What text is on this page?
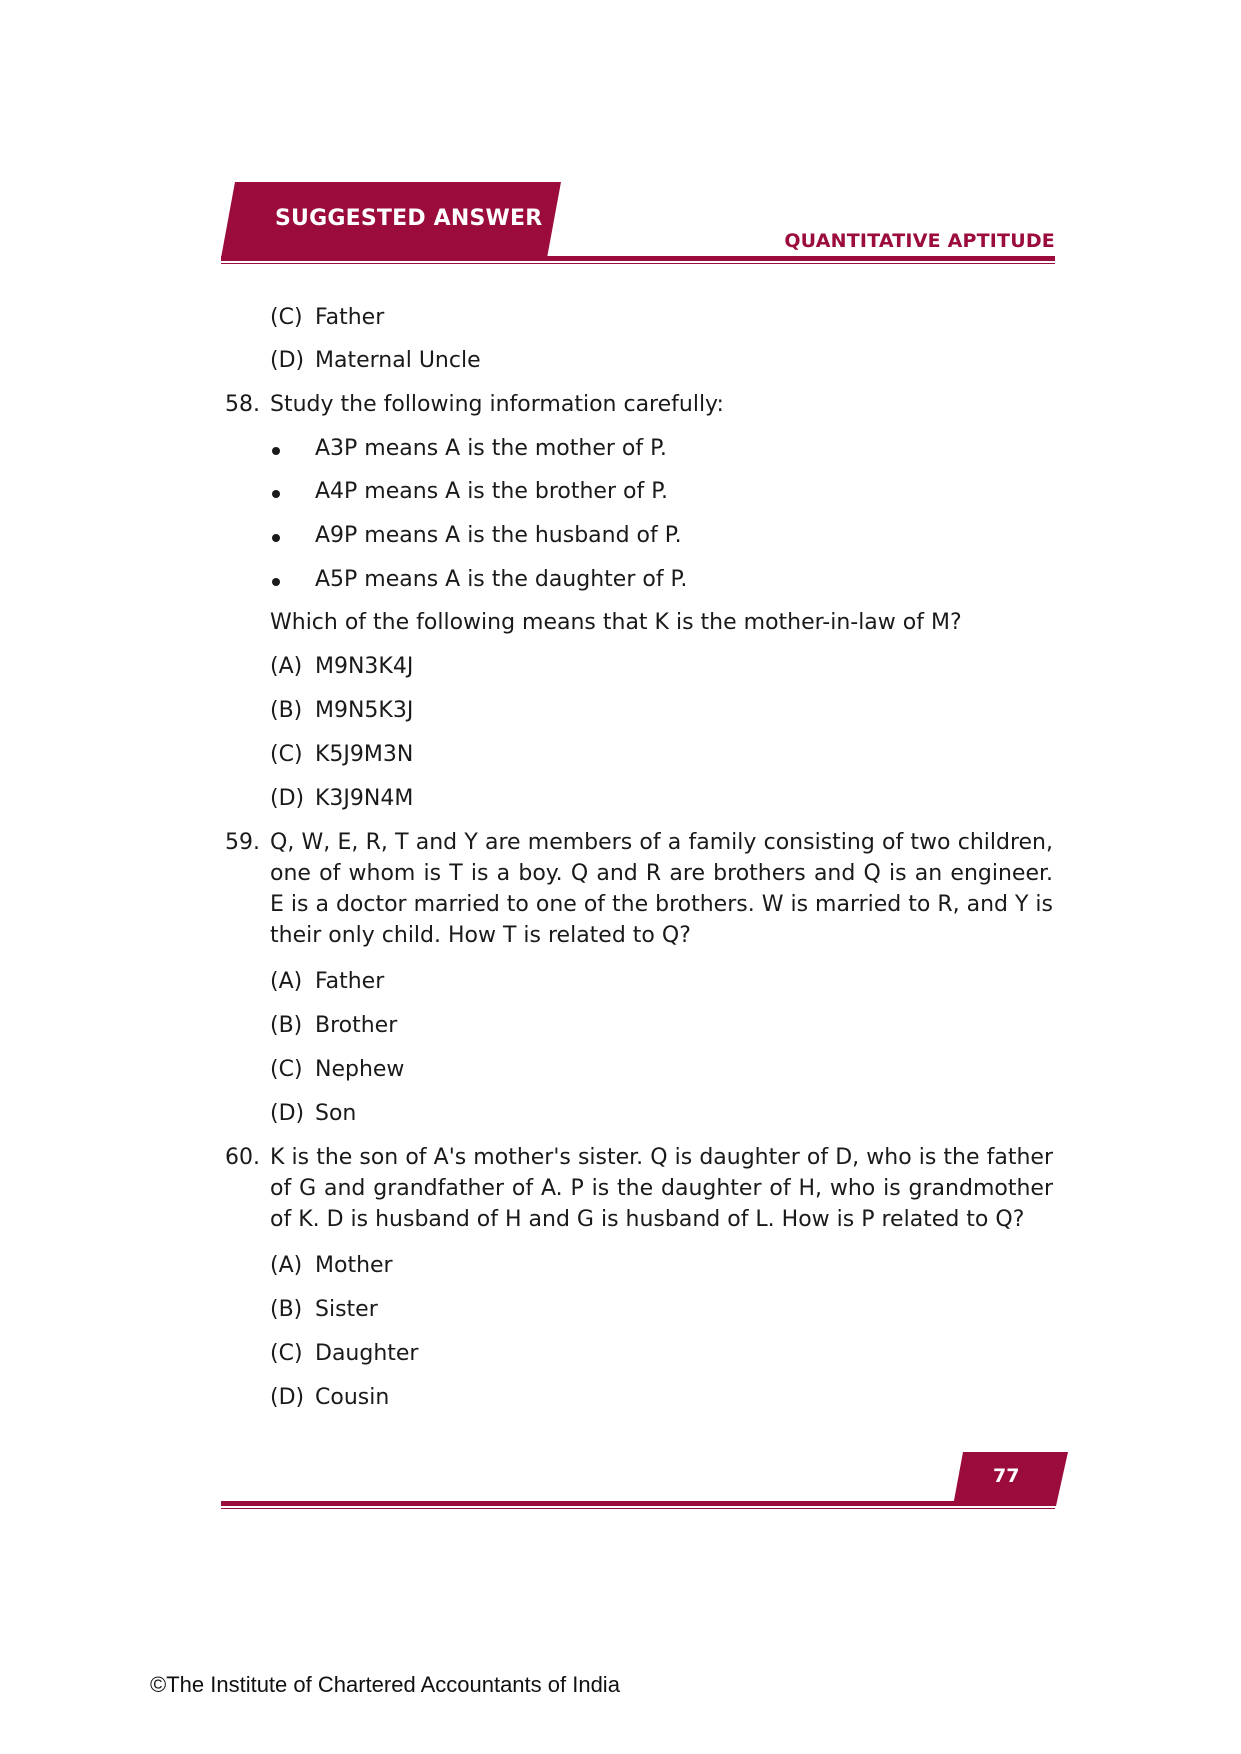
SUGGESTED ANSWER
QUANTITATIVE APTITUDE
(C) Father
(D) Maternal Uncle
58. Study the following information carefully:
A3P means A is the mother of P.
A4P means A is the brother of P.
A9P means A is the husband of P.
A5P means A is the daughter of P.
Which of the following means that K is the mother-in-law of M?
(A) M9N3K4J
(B) M9N5K3J
(C) K5J9M3N
(D) K3J9N4M
59. Q, W, E, R, T and Y are members of a family consisting of two children, one of whom is T is a boy. Q and R are brothers and Q is an engineer. E is a doctor married to one of the brothers. W is married to R, and Y is their only child. How T is related to Q?
(A) Father
(B) Brother
(C) Nephew
(D) Son
60. K is the son of A's mother's sister. Q is daughter of D, who is the father of G and grandfather of A. P is the daughter of H, who is grandmother of K. D is husband of H and G is husband of L. How is P related to Q?
(A) Mother
(B) Sister
(C) Daughter
(D) Cousin
77
©The Institute of Chartered Accountants of India
